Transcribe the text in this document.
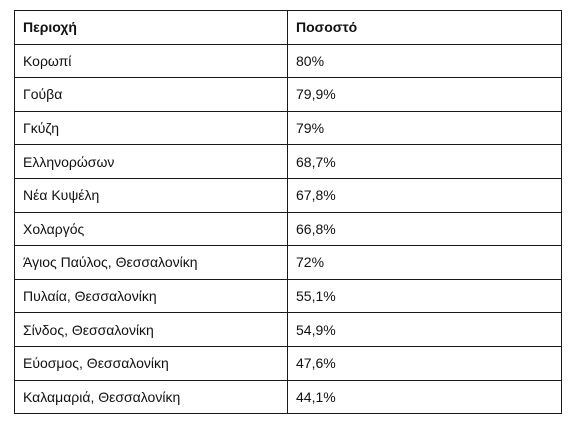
Περιοχή	Ποσοστό
Κορωπί	80%
Γούβα	79,9%
Γκύζη	79%
Ελληνορώσων	68,7%
Νέα Κυψέλη	67,8%
Χολαργός	66,8%
Άγιος Παύλος, Θεσσαλονίκη	72%
Πυλαία, Θεσσαλονίκη	55,1%
Σίνδος, Θεσσαλονίκη	54,9%
Εύοσμος, Θεσσαλονίκη	47,6%
Καλαμαριά, Θεσσαλονίκη	44,1%
